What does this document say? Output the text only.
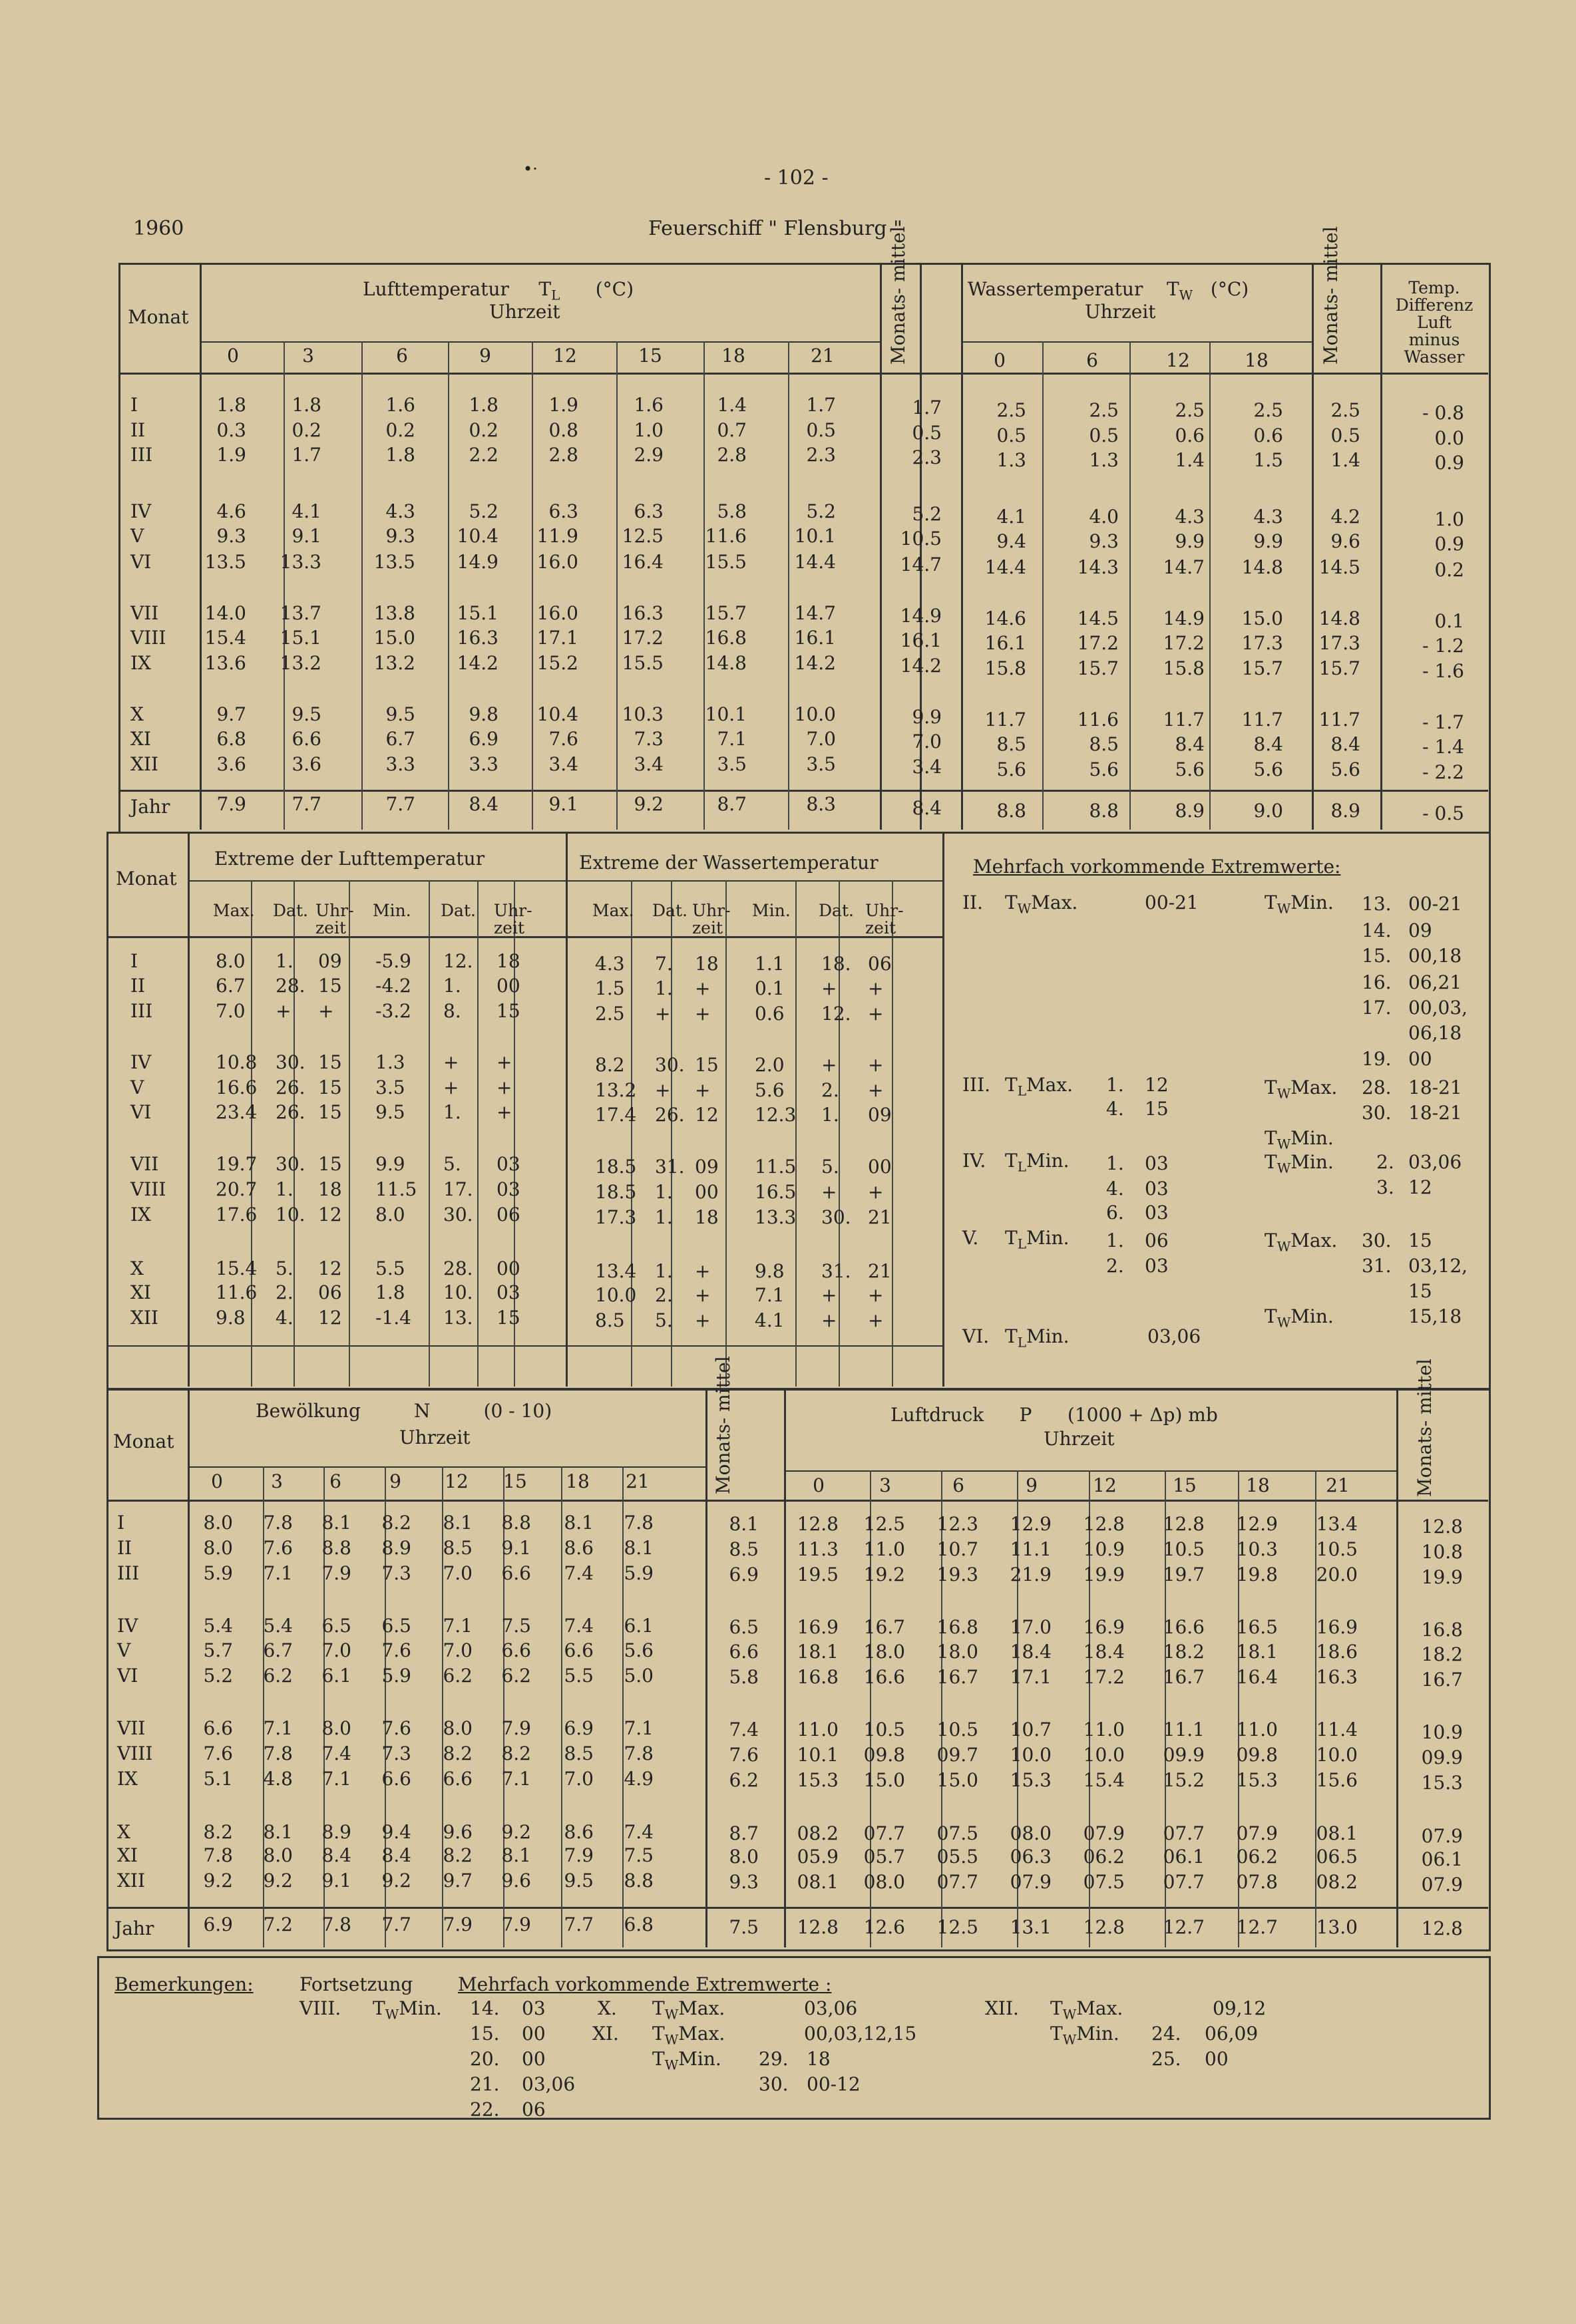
•·	- 102 -
1960	Feuerschiff " Flensburg "
Monat
Lufttemperatur $T_L$ (°C)
Uhrzeit	Monats- mittel	Wassertemperatur $T_W$ (°C)
Uhrzeit	Monats- mittel	Temp.
Differenz
Luft
minus
Wasser
0	3	6	9	12	15	18	21	0	6	12	18
Jahr
I	1.8 1.8	1.6	1.8	1.9	1.6	1.4	1.7	1.7	2.5	2.5	2.5	2.5	2.5	- 0.8
II	0.3 0.2	0.2	0.2	0.8	1.0	0.7	0.5	0.5	0.5	0.5	0.6	0.6	0.5	0.0
III	1.9 1.7	1.8	2.2	2.8	2.9	2.8	2.3	2.3	1.3	1.3	1.4	1.5	1.4	0.9
IV	4.6 4.1	4.3	5.2	6.3	6.3	5.8	5.2	5.2	4.1	4.0	4.3	4.3	4.2	1.0
V	9.3 9.1	9.3 10.4 11.9 12.5 11.6	10.1	10.5	9.4	9.3	9.9	9.9	9.6	0.9
VI	13.5 13.3	13.5 14.9 16.0 16.4 15.5	14.4	14.7 14.4	14.3 14.7 14.8 14.5	0.2
VII 14.0 13.7	13.8 15.1 16.0 16.3 15.7	14.7	14.9 14.6	14.5 14.9 15.0 14.8	0.1
VIII 15.4 15.1	15.0 16.3 17.1 17.2 16.8	16.1	16.1 16.1	17.2 17.2 17.3 17.3	- 1.2
IX	13.6 13.2	13.2 14.2 15.2 15.5 14.8	14.2	14.2 15.8	15.7 15.8 15.7 15.7	- 1.6
X	9.7 9.5	9.5	9.8 10.4 10.3 10.1	10.0	9.9 11.7	11.6 11.7 11.7 11.7	- 1.7
XI	6.8 6.6	6.7	6.9	7.6	7.3	7.1	7.0	7.0	8.5	8.5	8.4	8.4	8.4	- 1.4
XII	3.6 3.6	3.3	3.3	3.4	3.4	3.5	3.5	3.4	5.6	5.6	5.6	5.6	5.6	- 2.2
7.9 7.7	7.7	8.4	9.1	9.2	8.7	8.3	8.4	8.8	8.8	8.9	9.0	8.9	- 0.5
Monat
Extreme der Lufttemperatur	Extreme der Wassertemperatur
Max.	Max.
Dat.	Dat.
Uhr- zeit
Uhr- zeit
Min.	Min.
Dat.	Dat.
Uhr- zeit
Uhr- zeit
I	8.0 1. 09 -5.9 12. 18	4.3 7. 18 1.1 18. 06
II	6.7 28. 15 -4.2 1. 00	1.5 1. + 0.1 + +
III	7.0 + + -3.2 8. 15	2.5 + + 0.6 12. +
IV	10.8 30. 15 1.3 + +	8.2 30. 15 2.0 + +
V	16.6 26. 15 3.5 + +	13.2 + + 5.6 2. +
VI	23.4 26. 15 9.5 1. +	17.4 26. 12 12.3 1. 09
VII	19.7 30. 15 9.9 5. 03	18.5 31. 09 11.5 5. 00
VIII	20.7 1. 18 11.5 17. 03	18.5 1. 00 16.5 + +
IX	17.6 10. 12 8.0 30. 06	17.3 1. 18 13.3 30. 21
X	15.4 5. 12 5.5 28. 00	13.4 1. + 9.8 31. 21
XI	11.6 2. 06 1.8 10. 03	10.0 2. + 7.1 + +
XII	9.8 4. 12 -1.4 13. 15	8.5 5. + 4.1 + +
Mehrfach vorkommende Extremwerte:
II. $T_WMax$.	00-21	$T_WMin$. 13. 00-21
14. 09
15. 00,18
16. 06,21
17. 00,03,
06,18
19. 00
III. $T_LMax$. 1. 12
4. 15
$T_WMax$. 28. 18-21
30. 18-21
$T_WMin$.
IV. $T_LMin$. 1. 03
4. 03
6. 03
$T_WMin$. 2. 03,06
3. 12
V. $T_LMin$. 1. 06
2. 03
$T_WMax$. 30. 15
31. 03,12,
15
$T_WMin$.	15,18
VI. $T_LMin$.	03,06
Monat
Bewölkung	N	(0 - 10)
Uhrzeit	Monats- mittel	Luftdruck P (1000 + Δp) mb
Uhrzeit	Monats- mittel
0	3	6	9 12 15 18 21	0	3	6	9	12	15	18	21
Jahr
I	8.0 7.8 8.1 8.2 8.1 8.8 8.1 7.8	8.1 12.8 12.5 12.3 12.9 12.8 12.8 12.9 13.4	12.8
II	8.0 7.6 8.8 8.9 8.5 9.1 8.6 8.1	8.5 11.3 11.0 10.7 11.1 10.9 10.5 10.3 10.5	10.8
III	5.9 7.1 7.9 7.3 7.0 6.6 7.4 5.9	6.9 19.5 19.2 19.3 21.9 19.9 19.7 19.8 20.0	19.9
IV	5.4 5.4 6.5 6.5 7.1 7.5 7.4 6.1	6.5 16.9 16.7 16.8 17.0 16.9 16.6 16.5 16.9	16.8
V	5.7 6.7 7.0 7.6 7.0 6.6 6.6 5.6	6.6 18.1 18.0 18.0 18.4 18.4 18.2 18.1 18.6	18.2
VI	5.2 6.2 6.1 5.9 6.2 6.2 5.5 5.0	5.8 16.8 16.6 16.7 17.1 17.2 16.7 16.4 16.3	16.7
VII	6.6 7.1 8.0 7.6 8.0 7.9 6.9 7.1	7.4 11.0 10.5 10.5 10.7 11.0 11.1 11.0 11.4	10.9
VIII	7.6 7.8 7.4 7.3 8.2 8.2 8.5 7.8	7.6 10.1 09.8 09.7 10.0 10.0 09.9 09.8 10.0	09.9
IX	5.1 4.8 7.1 6.6 6.6 7.1 7.0 4.9	6.2 15.3 15.0 15.0 15.3 15.4 15.2 15.3 15.6	15.3
X	8.2 8.1 8.9 9.4 9.6 9.2 8.6 7.4	8.7 08.2 07.7 07.5 08.0 07.9 07.7 07.9 08.1	07.9
XI	7.8 8.0 8.4 8.4 8.2 8.1 7.9 7.5	8.0 05.9 05.7 05.5 06.3 06.2 06.1 06.2 06.5	06.1
XII	9.2 9.2 9.1 9.2 9.7 9.6 9.5 8.8	9.3 08.1 08.0 07.7 07.9 07.5 07.7 07.8 08.2	07.9
6.9 7.2 7.8 7.7 7.9 7.9 7.7 6.8	7.5 12.8 12.6 12.5 13.1 12.8 12.7 12.7 13.0	12.8
Bemerkungen: Fortsetzung Mehrfach vorkommende Extremwerte :
VIII. $T_WMin$. 14. 03
15. 00
20. 00
21. 03,06
22. 06
X. $T_WMax$.	03,06
XI. $T_WMax$.	00,03,12,15
$T_WMin$. 29. 18
30. 00-12
XII. $T_WMax$.	09,12
$T_WMin$. 24. 06,09
25. 00
